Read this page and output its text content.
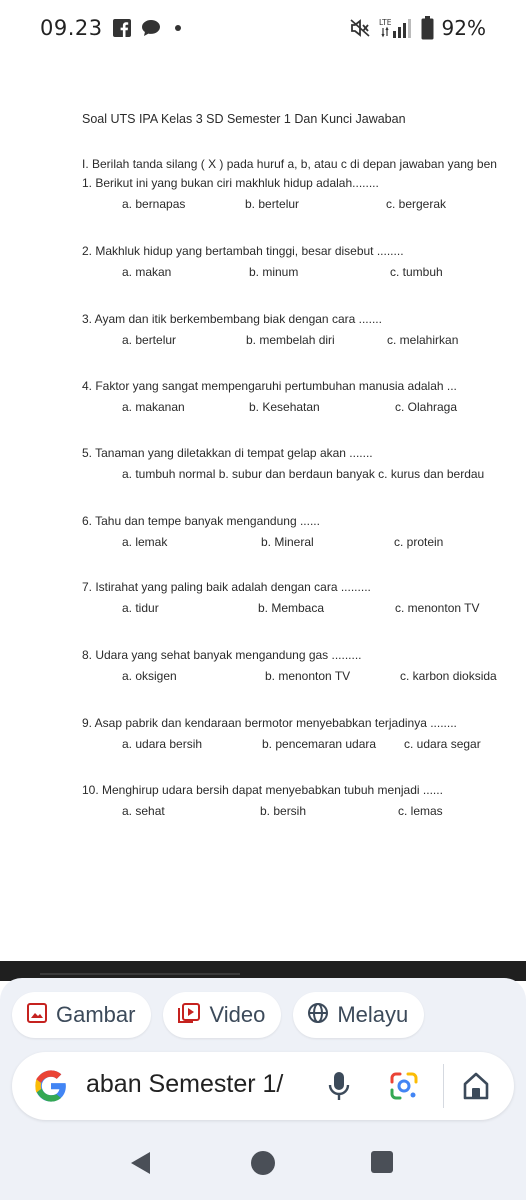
09.23	LTE	92%
Soal UTS IPA Kelas 3 SD Semester 1 Dan Kunci Jawaban
I. Berilah tanda silang ( X ) pada huruf a, b, atau c di depan jawaban yang ben
1. Berikut ini yang bukan ciri makhluk hidup adalah........
a. bernapas	b. bertelur	c. bergerak
2. Makhluk hidup yang bertambah tinggi, besar disebut ........
a. makan	b. minum	c. tumbuh
3. Ayam dan itik berkembembang biak dengan cara .......
a. bertelur	b. membelah diri	c. melahirkan
4. Faktor yang sangat mempengaruhi pertumbuhan manusia adalah ...
a. makanan	b. Kesehatan	c. Olahraga
5. Tanaman yang diletakkan di tempat gelap akan .......
a. tumbuh normal b. subur dan berdaun banyak c. kurus dan berdau
6. Tahu dan tempe banyak mengandung ......
a. lemak	b. Mineral	c. protein
7. Istirahat yang paling baik adalah dengan cara .........
a. tidur	b. Membaca	c. menonton TV
8. Udara yang sehat banyak mengandung gas .........
a. oksigen	b. menonton TV	c. karbon dioksida
9. Asap pabrik dan kendaraan bermotor menyebabkan terjadinya ........
a. udara bersih	b. pencemaran udara c. udara segar
10. Menghirup udara bersih dapat menyebabkan tubuh menjadi ......
a. sehat	b. bersih	c. lemas
Gambar	Video	Melayu
/aban Semester 1
